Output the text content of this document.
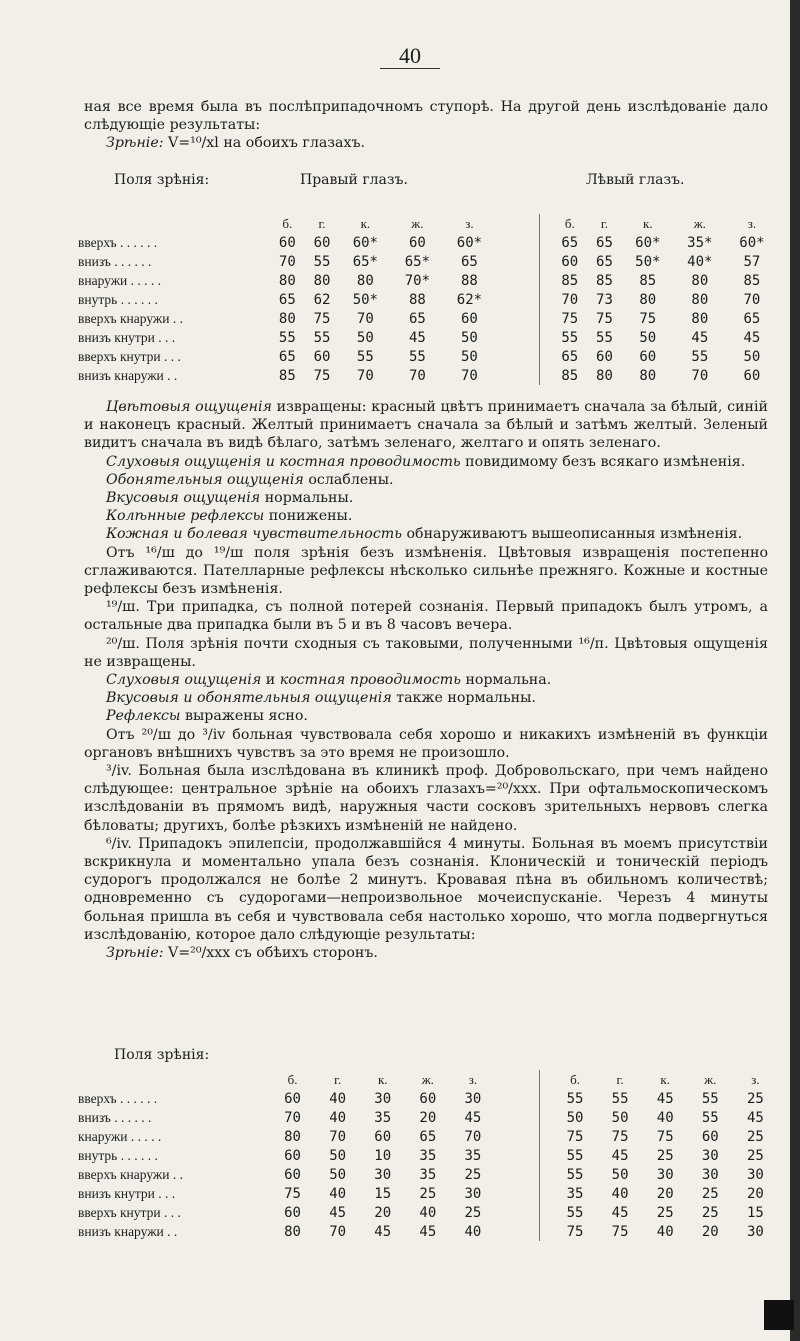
40

ная все время была въ послѣприпадочномъ ступорѣ. На другой день изслѣдованіе дало слѣдующіе результаты:

Зрѣніе: V=¹⁰/xl на обоихъ глазахъ.

Поля зрѣнія:	Правый глазъ.	Лѣвый глазъ.
	б.	г.	к.	ж.	з.			б.	г.	к.	ж.	з.
вверхъ . . . . . .	60	60	60*	60	60*			65	65	60*	35*	60*
внизъ . . . . . .	70	55	65*	65*	65			60	65	50*	40*	57
внаружи . . . . .	80	80	80	70*	88			85	85	85	80	85
внутрь . . . . . .	65	62	50*	88	62*			70	73	80	80	70
вверхъ кнаружи . .	80	75	70	65	60			75	75	75	80	65
внизъ кнутри . . .	55	55	50	45	50			55	55	50	45	45
вверхъ кнутри . . .	65	60	55	55	50			65	60	60	55	50
внизъ кнаружи . .	85	75	70	70	70			85	80	80	70	60

Цвѣтовыя ощущенія извращены: красный цвѣтъ принимаетъ сначала за бѣлый, синій и наконецъ красный. Желтый принимаетъ сначала за бѣлый и затѣмъ желтый. Зеленый видитъ сначала въ видѣ бѣлаго, затѣмъ зеленаго, желтаго и опять зеленаго.

Слуховыя ощущенія и костная проводимость повидимому безъ всякаго измѣненія.

Обонятельныя ощущенія ослаблены.

Вкусовыя ощущенія нормальны.

Колѣнные рефлексы понижены.

Кожная и болевая чувствительность обнаруживаютъ вышеописанныя измѣненія.

Отъ ¹⁶/ш до ¹⁹/ш поля зрѣнія безъ измѣненія. Цвѣтовыя извращенія постепенно сглаживаются. Пателларные рефлексы нѣсколько сильнѣе прежняго. Кожные и костные рефлексы безъ измѣненія.

¹⁹/ш. Три припадка, съ полной потерей сознанія. Первый припадокъ былъ утромъ, а остальные два припадка были въ 5 и въ 8 часовъ вечера.

²⁰/ш. Поля зрѣнія почти сходныя съ таковыми, полученными ¹⁶/п. Цвѣтовыя ощущенія не извращены.

Слуховыя ощущенія и костная проводимость нормальна.

Вкусовыя и обонятельныя ощущенія также нормальны.

Рефлексы выражены ясно.

Отъ ²⁰/ш до ³/iv больная чувствовала себя хорошо и никакихъ измѣненій въ функціи органовъ внѣшнихъ чувствъ за это время не произошло.

³/iv. Больная была изслѣдована въ клиникѣ проф. Добровольскаго, при чемъ найдено слѣдующее: центральное зрѣніе на обоихъ глазахъ=²⁰/xxx. При офтальмоскопическомъ изслѣдованіи въ прямомъ видѣ, наружныя части сосковъ зрительныхъ нервовъ слегка бѣловаты; другихъ, болѣе рѣзкихъ измѣненій не найдено.

⁶/iv. Припадокъ эпилепсіи, продолжавшійся 4 минуты. Больная въ моемъ присутствіи вскрикнула и моментально упала безъ сознанія. Клоническій и тоническій періодъ судорогъ продолжался не болѣе 2 минутъ. Кровавая пѣна въ обильномъ количествѣ; одновременно съ судорогами—непроизвольное мочеиспусканіе. Черезъ 4 минуты больная пришла въ себя и чувствовала себя настолько хорошо, что могла подвергнуться изслѣдованію, которое дало слѣдующіе результаты:

Зрѣніе: V=²⁰/xxx съ обѣихъ сторонъ.

Поля зрѣнія:
	б.	г.	к.	ж.	з.			б.	г.	к.	ж.	з.
вверхъ . . . . . .	60	40	30	60	30			55	55	45	55	25
внизъ . . . . . .	70	40	35	20	45			50	50	40	55	45
кнаружи . . . . .	80	70	60	65	70			75	75	75	60	25
внутрь . . . . . .	60	50	10	35	35			55	45	25	30	25
вверхъ кнаружи . .	60	50	30	35	25			55	50	30	30	30
внизъ кнутри . . .	75	40	15	25	30			35	40	20	25	20
вверхъ кнутри . . .	60	45	20	40	25			55	45	25	25	15
внизъ кнаружи . .	80	70	45	45	40			75	75	40	20	30
